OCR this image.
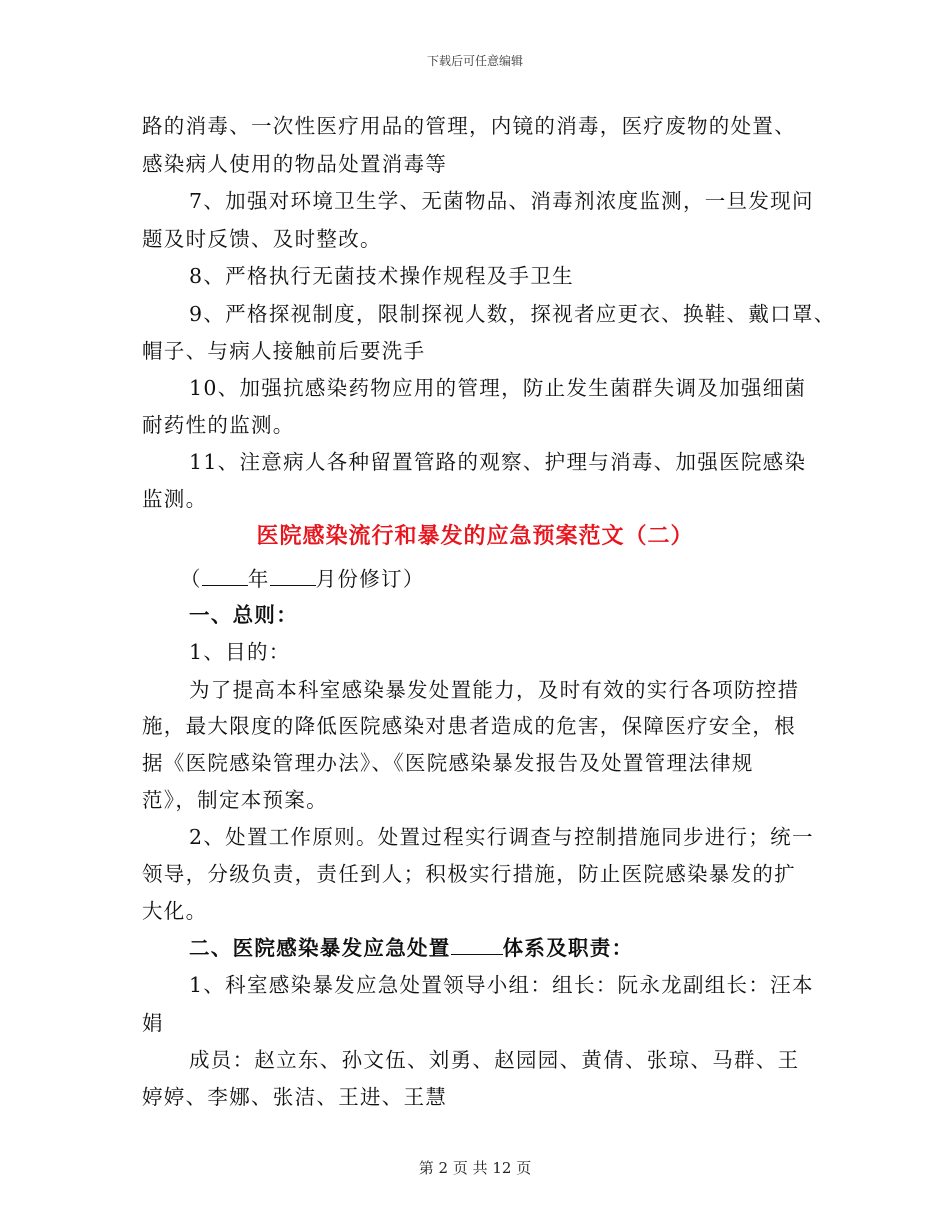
下载后可任意编辑
路的消毒、一次性医疗用品的管理，内镜的消毒，医疗废物的处置、
感染病人使用的物品处置消毒等
7、加强对环境卫生学、无菌物品、消毒剂浓度监测，一旦发现问
题及时反馈、及时整改。
8、严格执行无菌技术操作规程及手卫生
9、严格探视制度，限制探视人数，探视者应更衣、换鞋、戴口罩、
帽子、与病人接触前后要洗手
10、加强抗感染药物应用的管理，防止发生菌群失调及加强细菌
耐药性的监测。
11、注意病人各种留置管路的观察、护理与消毒、加强医院感染
监测。
医院感染流行和暴发的应急预案范文（二）
（ 年 月份修订）
一、总则：
1、目的：
为了提高本科室感染暴发处置能力，及时有效的实行各项防控措
施，最大限度的降低医院感染对患者造成的危害，保障医疗安全，根
据《医院感染管理办法》、《医院感染暴发报告及处置管理法律规
范》，制定本预案。
2、处置工作原则。处置过程实行调查与控制措施同步进行；统一
领导，分级负责，责任到人；积极实行措施，防止医院感染暴发的扩
大化。
二、医院感染暴发应急处置	体系及职责：
1、科室感染暴发应急处置领导小组：组长：阮永龙副组长：汪本
娟
成员：赵立东、孙文伍、刘勇、赵园园、黄倩、张琼、马群、王
婷婷、李娜、张洁、王进、王慧
第 2 页 共 12 页
